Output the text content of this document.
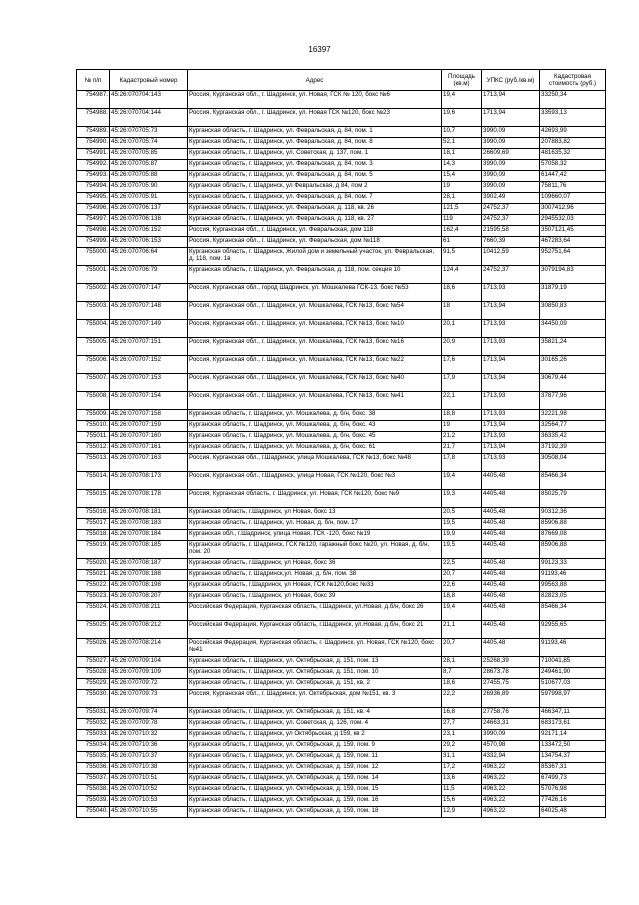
16397
№ п/п	Кадастровый номер	Адрес	Площадь (кв.м)	УПКС (руб./кв.м)	Кадастровая стоимость (руб.)
754987.	45:26:070704:143	Россия, Курганская обл., г. Шадринск, ул. Новая, ГСК № 120, бокс №6	19,4	1713,94	33250,34
754988.	45:26:070704:144	Россия, Курганская обл., г. Шадринск, ул. Новая ГСК №120, бокс №23	19,6	1713,94	33593,13
754989.	45:26:070705:73	Курганская область, г. Шадринск, ул. Февральская, д. 84, пом. 1	10,7	3990,09	42693,99
754990.	45:26:070705:74	Курганская область, г. Шадринск, ул. Февральская, д. 84, пом. 8	52,1	3990,09	207883,82
754991.	45:26:070705:85	Курганская область, г. Шадринск, ул. Советская, д. 137, пом. 1	18,1	26609,69	481635,32
754992.	45:26:070705:87	Курганская область, г. Шадринск, ул. Февральская, д. 84, пом. 3	14,3	3990,09	57058,32
754993.	45:26:070705:88	Курганская область, г. Шадринск, ул. Февральская, д. 84, пом. 5	15,4	3990,09	61447,42
754994.	45:26:070705:90	Курганская область, г. Шадринск, ул Февральская, д 84, пом 2	19	3990,09	75811,76
754995.	45:26:070705:91	Курганская область, г. Шадринск, ул. Февральская, д. 84, пом. 7	28,1	3902,49	109660,07
754996.	45:26:070706:137	Курганская область, г. Шадринск, ул. Февральская, д. 118, кв. 26	121,5	24752,37	3007412,96
754997.	45:26:070706:138	Курганская область, г. Шадринск, ул. Февральская, д. 118, кв. 27	119	24752,37	2945532,03
754998.	45:26:070706:152	Россия, Курганская обл., г. Шадринск, ул. Февральская, дом 118	162,4	21595,58	3507121,45
754999.	45:26:070706:153	Россия, Курганская обл., г. Шадринск, ул. Февральская, дом №118	61	7660,39	467283,64
755000.	45:26:070706:64	Курганская область, г. Шадринск, Жилой дом и земельный участок, ул. Февральская, д. 118, пом. 1в	91,5	10412,59	952751,64
755001.	45:26:070706:79	Курганская область, г. Шадринск, ул. Февральская, д. 118, пом. секция 10	124,4	24752,37	3079194,83
755002.	45:26:070707:147	Россия, Курганская обл., город Шадринск, ул. Мошкалева ГСК-13, бокс №53	18,6	1713,93	31879,19
755003.	45:26:070707:148	Россия, Курганская обл., г. Шадринск, ул. Мошкалева, ГСК №13, бокс №54	18	1713,94	30850,83
755004.	45:26:070707:149	Россия, Курганская обл., г. Шадринск, ул. Мошкалева, ГСК №13, бокс №10	20,1	1713,93	34450,09
755005.	45:26:070707:151	Россия, Курганская обл., г. Шадринск, ул. Мошкалева, ГСК №13, бокс №16	20,9	1713,93	35821,24
755006.	45:26:070707:152	Россия, Курганская обл., г. Шадринск, ул. Мошкалева, ГСК №13, бокс №22	17,6	1713,94	30165,26
755007.	45:26:070707:153	Россия, Курганская обл., г. Шадринск, ул. Мошкалева, ГСК №13, бокс №40	17,9	1713,94	30679,44
755008.	45:26:070707:154	Россия, Курганская обл., г. Шадринск, ул. Мошкалева, ГСК №13, бокс №41	22,1	1713,93	37877,96
755009.	45:26:070707:158	Курганская область, г. Шадринск, ул. Мошкалева, д. б/н, бокс. 38	18,8	1713,93	32221,98
755010.	45:26:070707:159	Курганская область, г. Шадринск, ул. Мошкалева, д. б/н, бокс. 43	19	1713,94	32564,77
755011.	45:26:070707:160	Курганская область, г. Шадринск, ул. Мошкалева, д. б/н, бокс. 45	21,2	1713,93	36335,42
755012.	45:26:070707:161	Курганская область, г. Шадринск, ул. Мошкалева, д. б/н, бокс. 61	21,7	1713,94	37192,39
755013.	45:26:070707:163	Россия, Курганская обл., г.Шадринск, улица Мошкалева, ГСК №13, бокс №48	17,8	1713,93	30508,04
755014.	45:26:070708:173	Россия, Курганская обл., г.Шадринск, улица Новая, ГСК №120, бокс №3	19,4	4405,48	85466,34
755015.	45:26:070708:178	Россия, Курганская область, г. Шадринск, ул. Новая, ГСК №120, бокс №9	19,3	4405,48	85025,79
755016.	45:26:070708:181	Курганская область, г.Шадринск, ул Новая, бокс 13	20,5	4405,48	90312,36
755017.	45:26:070708:183	Курганская область, г. Шадринск, ул. Новая, д. б/н, пом. 17	19,5	4405,48	85906,88
755018.	45:26:070708:184	Курганская обл., г.Шадринск, улица Новая, ГСК -120, бокс №19	19,9	4405,48	87669,08
755019.	45:26:070708:185	Курганская область, г. Шадринск, ГСК №120, гаражный бокс №20, ул. Новая, д. б/н, пом. 20	19,5	4405,48	85906,88
755020.	45:26:070708:187	Курганская область, г.Шадринск, ул Новая, бокс 36	22,5	4405,48	99123,33
755021.	45:26:070708:188	Курганская область, г. Шадринск,ул. Новая, д. б/н, пом. 38	20,7	4405,48	91193,46
755022.	45:26:070708:198	Курганская область, г.Шадринск, ул Новая, ГСК №120,бокс №33	22,6	4405,48	99563,88
755023.	45:26:070708:207	Курганская область, г.Шадринск, ул Новая, бокс 39	18,8	4405,48	82823,05
755024.	45:26:070708:211	Российская Федерация, Курганская область, г.Шадринск, ул.Новая, д.б/н, бокс 26	19,4	4405,48	85466,34
755025.	45:26:070708:212	Российская Федерация, Курганская область, г.Шадринск, ул.Новая, д.б/н, бокс 21	21,1	4405,48	92955,65
755026.	45:26:070708:214	Российская Федерация, Курганская область, г. Шадринск, ул. Новая, ГСК №120, бокс №41	20,7	4405,48	91193,46
755027.	45:26:070709:104	Курганская область, г. Шадринск, ул. Октябрьская, д. 151, пом. 13	28,1	25268,39	710041,85
755028.	45:26:070709:109	Курганская область, г. Шадринск, ул. Октябрьская, д. 151, пом. 10	8,7	28673,78	249461,90
755029.	45:26:070709:72	Курганская область, г. Шадринск, ул. Октябрьская, д. 151, кв. 2	18,6	27455,75	510677,03
755030.	45:26:070709:73	Россия, Курганская обл., г. Шадринск, ул. Октябрьская, дом №151, кв. 3	22,2	26936,89	597998,97
755031.	45:26:070709:74	Курганская область, г. Шадринск, ул. Октябрьская, д. 151, кв. 4	16,8	27758,76	466347,11
755032.	45:26:070709:78	Курганская область, г. Шадринск, ул. Советская, д. 126, пом. 4	27,7	24663,31	683173,61
755033.	45:26:070710:32	Курганская область, г. Шадринск, ул Октябрьская, д 159, кв 2	23,1	3990,09	92171,14
755034.	45:26:070710:36	Курганская область, г. Шадринск, ул. Октябрьская, д. 159, пом. 9	29,2	4570,98	133472,50
755035.	45:26:070710:37	Курганская область, г. Шадринск, ул. Октябрьская, д. 159, пом. 11	31,1	4332,94	134754,37
755036.	45:26:070710:38	Курганская область, г. Шадринск, ул. Октябрьская, д. 159, пом. 12	17,2	4963,22	85367,31
755037.	45:26:070710:51	Курганская область, г. Шадринск, ул. Октябрьская, д. 159, пом. 14	13,6	4963,22	67499,73
755038.	45:26:070710:52	Курганская область, г. Шадринск, ул. Октябрьская, д. 159, пом. 15	11,5	4963,22	57076,98
755039.	45:26:070710:53	Курганская область, г. Шадринск, ул. Октябрьская, д. 159, пом. 16	15,6	4963,22	77426,16
755040.	45:26:070710:55	Курганская область, г. Шадринск, ул. Октябрьская, д. 159, пом. 18	12,9	4963,22	64025,48
